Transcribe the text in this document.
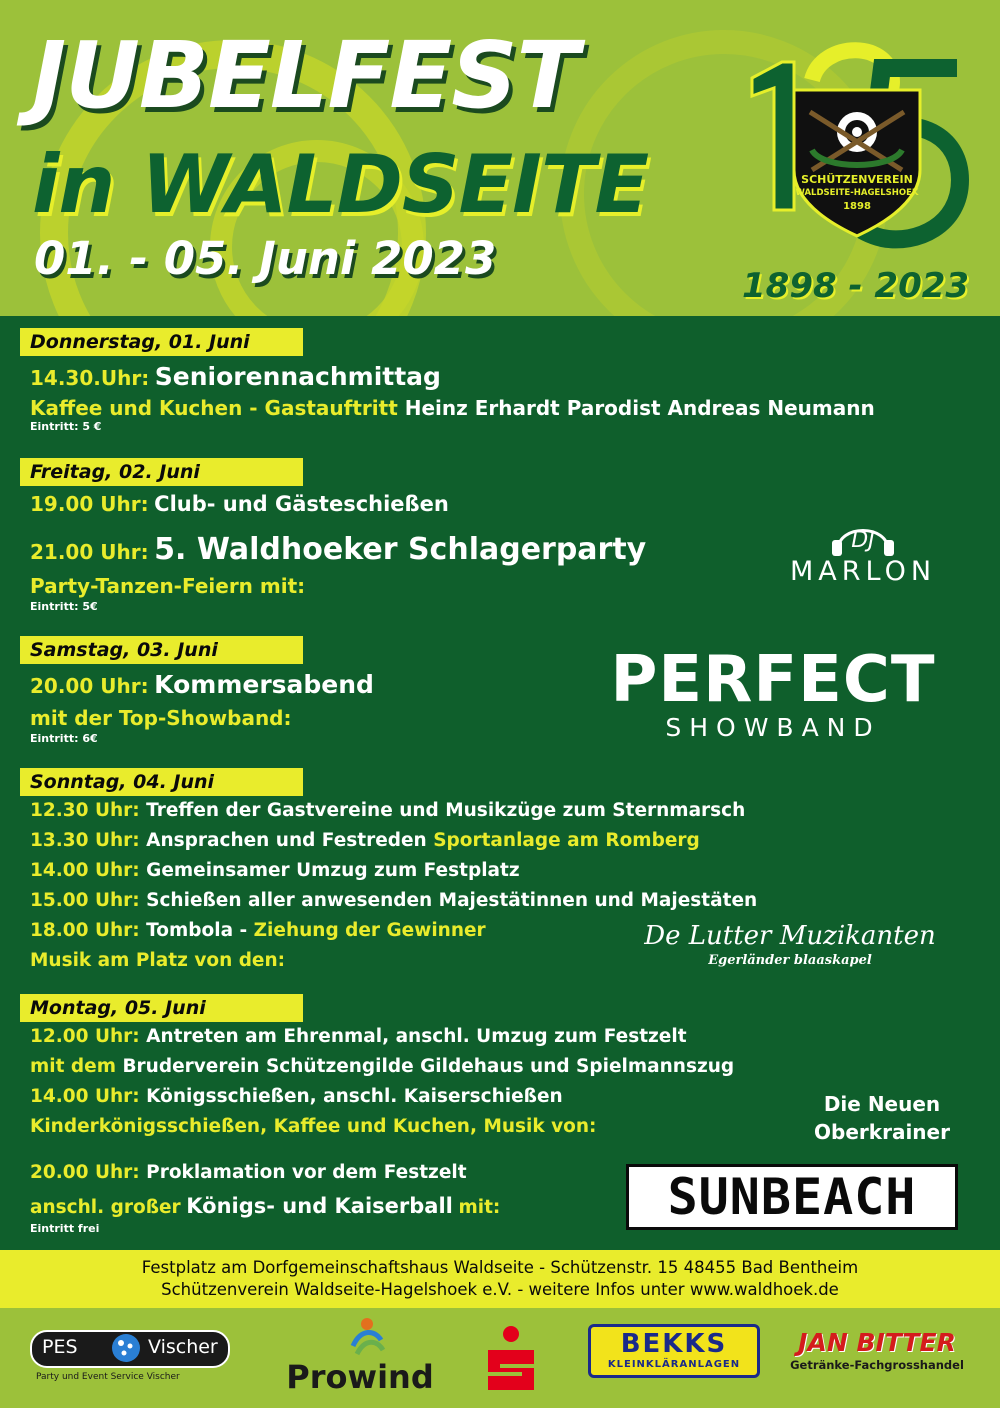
JUBELFEST
in WALDSEITE
01. - 05. Juni 2023
SCHÜTZENVEREIN
WALDSEITE-HAGELSHOEK
1898
1898 - 2023
Donnerstag, 01. Juni
14.30.Uhr: Seniorennachmittag
Kaffee und Kuchen - Gastauftritt Heinz Erhardt Parodist Andreas Neumann
Eintritt: 5 €
Freitag, 02. Juni
19.00 Uhr: Club- und Gästeschießen
21.00 Uhr: 5. Waldhoeker Schlagerparty
Party-Tanzen-Feiern mit:
Eintritt: 5€
DJ
MARLON
Samstag, 03. Juni
20.00 Uhr: Kommersabend
mit der Top-Showband:
Eintritt: 6€
PERFECT
SHOWBAND
Sonntag, 04. Juni
12.30 Uhr: Treffen der Gastvereine und Musikzüge zum Sternmarsch
13.30 Uhr: Ansprachen und Festreden Sportanlage am Romberg
14.00 Uhr: Gemeinsamer Umzug zum Festplatz
15.00 Uhr: Schießen aller anwesenden Majestätinnen und Majestäten
18.00 Uhr: Tombola - Ziehung der Gewinner
Musik am Platz von den:
De Lutter Muzikanten
Egerländer blaaskapel
Montag, 05. Juni
12.00 Uhr: Antreten am Ehrenmal, anschl. Umzug zum Festzelt
mit dem Bruderverein Schützengilde Gildehaus und Spielmannszug
14.00 Uhr: Königsschießen, anschl. Kaiserschießen
Kinderkönigsschießen, Kaffee und Kuchen, Musik von:
20.00 Uhr: Proklamation vor dem Festzelt
anschl. großer Königs- und Kaiserball mit:
Eintritt frei
Die Neuen
Oberkrainer
SUNBEACH
Festplatz am Dorfgemeinschaftshaus Waldseite - Schützenstr. 15 48455 Bad Bentheim
Schützenverein Waldseite-Hagelshoek e.V. - weitere Infos unter www.waldhoek.de
PES	Vischer
Party und Event Service Vischer	Prowind
BEKKS
KLEINKLÄRANLAGEN
JAN BITTER
Getränke-Fachgrosshandel
